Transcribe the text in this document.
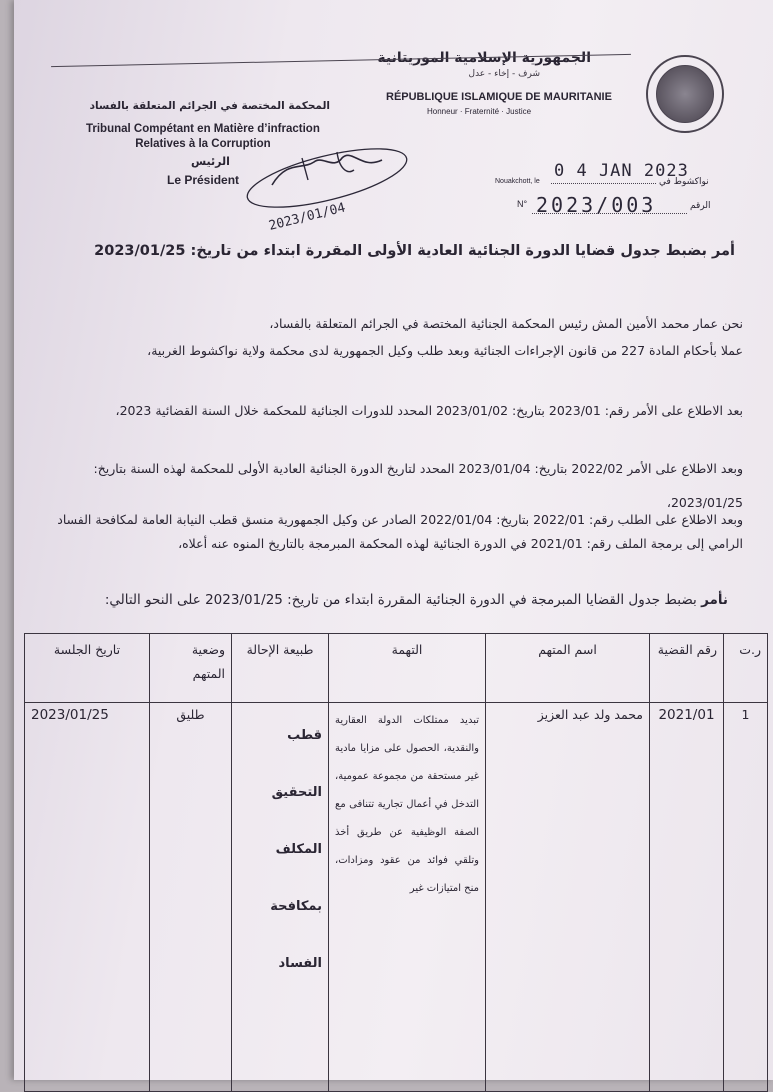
الجمهورية الإسلامية الموريتانية
شرف - إخاء - عدل
RÉPUBLIQUE ISLAMIQUE DE MAURITANIE
Honneur · Fraternité · Justice
المحكمة المختصة في الجرائم المتعلقة بالفساد
Tribunal Compétant en Matière d’infraction
Relatives à la Corruption
الرئيس
Le Président
2023/01/04
Nouakchott, le
0 4 JAN 2023
نواكشوط في
N° 2023/003	الرقم
أمر بضبط جدول قضايا الدورة الجنائية العادية الأولى المقررة ابتداء من تاريخ: 2023/01/25
نحن عمار محمد الأمين المش رئيس المحكمة الجنائية المختصة في الجرائم المتعلقة بالفساد،
عملا بأحكام المادة 227 من قانون الإجراءات الجنائية وبعد طلب وكيل الجمهورية لدى محكمة ولاية نواكشوط الغربية،
بعد الاطلاع على الأمر رقم: 2023/01 بتاريخ: 2023/01/02 المحدد للدورات الجنائية للمحكمة خلال السنة القضائية 2023،
وبعد الاطلاع على الأمر 2022/02 بتاريخ: 2023/01/04 المحدد لتاريخ الدورة الجنائية العادية الأولى للمحكمة لهذه السنة بتاريخ: 2023/01/25،
وبعد الاطلاع على الطلب رقم: 2022/01 بتاريخ: 2022/01/04 الصادر عن وكيل الجمهورية منسق قطب النيابة العامة لمكافحة الفساد الرامي إلى برمجة الملف رقم: 2021/01 في الدورة الجنائية لهذه المحكمة المبرمجة بالتاريخ المنوه عنه أعلاه،
نأمر بضبط جدول القضايا المبرمجة في الدورة الجنائية المقررة ابتداء من تاريخ: 2023/01/25 على النحو التالي:
ر.ت	رقم القضية	اسم المتهم	التهمة	طبيعة الإحالة	وضعية المتهم	تاريخ الجلسة
1	2021/01	محمد ولد عبد العزيز	تبديد ممتلكات الدولة العقارية والنقدية، الحصول على مزايا مادية غير مستحقة من مجموعة عمومية، التدخل في أعمال تجارية تتنافى مع الصفة الوظيفية عن طريق أخذ وتلقي فوائد من عقود ومزادات، منح امتيازات غير	قطب
التحقيق
المكلف
بمكافحة
الفساد	طليق	2023/01/25
